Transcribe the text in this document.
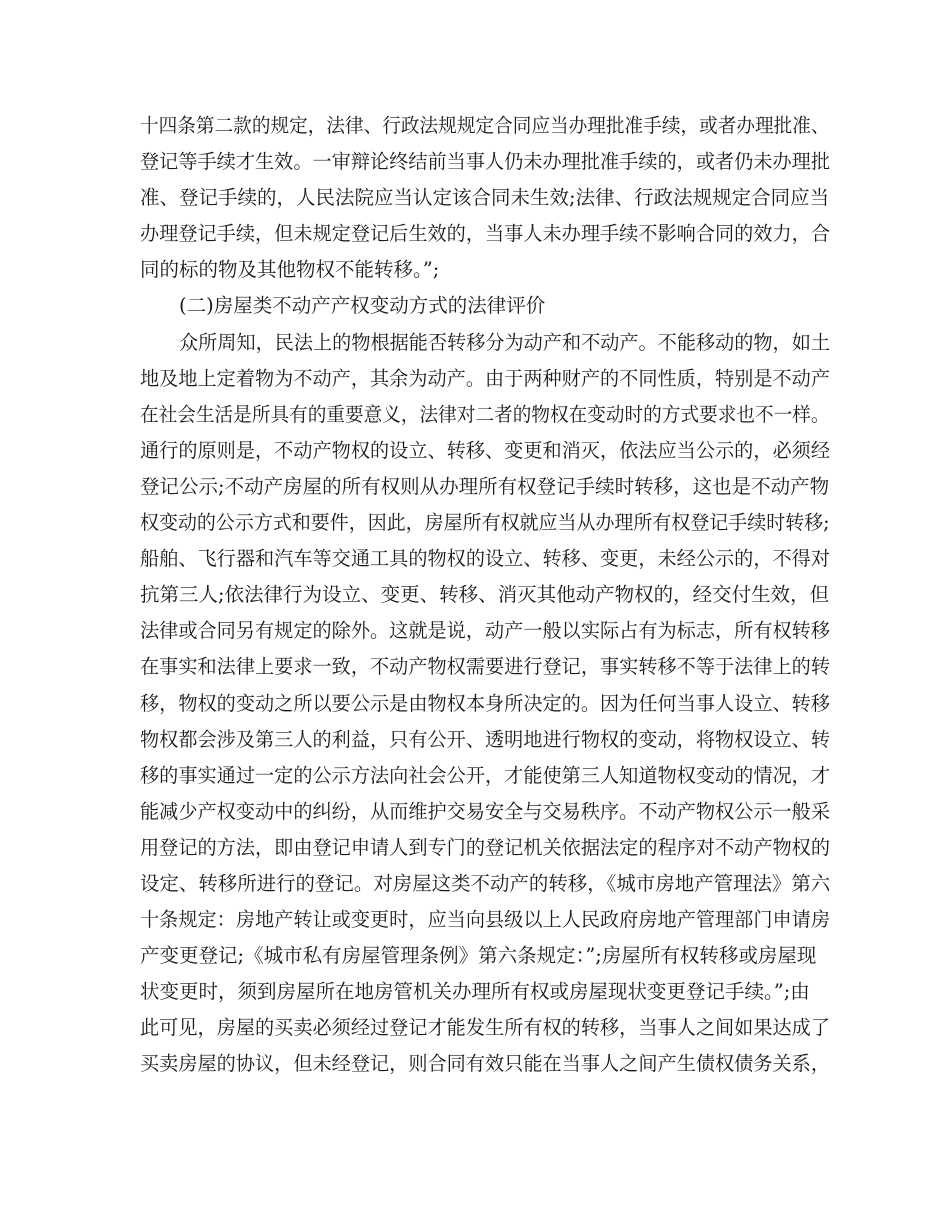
十四条第二款的规定，法律、行政法规规定合同应当办理批准手续，或者办理批准、
登记等手续才生效。一审辩论终结前当事人仍未办理批准手续的，或者仍未办理批
准、登记手续的，人民法院应当认定该合同未生效;法律、行政法规规定合同应当
办理登记手续，但未规定登记后生效的，当事人未办理手续不影响合同的效力，合
同的标的物及其他物权不能转移。”;
(二)房屋类不动产产权变动方式的法律评价
众所周知，民法上的物根据能否转移分为动产和不动产。不能移动的物，如土
地及地上定着物为不动产，其余为动产。由于两种财产的不同性质，特别是不动产
在社会生活是所具有的重要意义，法律对二者的物权在变动时的方式要求也不一样。
通行的原则是，不动产物权的设立、转移、变更和消灭，依法应当公示的，必须经
登记公示;不动产房屋的所有权则从办理所有权登记手续时转移，这也是不动产物
权变动的公示方式和要件，因此，房屋所有权就应当从办理所有权登记手续时转移;
船舶、飞行器和汽车等交通工具的物权的设立、转移、变更，未经公示的，不得对
抗第三人;依法律行为设立、变更、转移、消灭其他动产物权的，经交付生效，但
法律或合同另有规定的除外。这就是说，动产一般以实际占有为标志，所有权转移
在事实和法律上要求一致，不动产物权需要进行登记，事实转移不等于法律上的转
移，物权的变动之所以要公示是由物权本身所决定的。因为任何当事人设立、转移
物权都会涉及第三人的利益，只有公开、透明地进行物权的变动，将物权设立、转
移的事实通过一定的公示方法向社会公开，才能使第三人知道物权变动的情况，才
能减少产权变动中的纠纷，从而维护交易安全与交易秩序。不动产物权公示一般采
用登记的方法，即由登记申请人到专门的登记机关依据法定的程序对不动产物权的
设定、转移所进行的登记。对房屋这类不动产的转移，《城市房地产管理法》第六
十条规定：房地产转让或变更时，应当向县级以上人民政府房地产管理部门申请房
产变更登记;《城市私有房屋管理条例》第六条规定：”;房屋所有权转移或房屋现
状变更时，须到房屋所在地房管机关办理所有权或房屋现状变更登记手续。”;由
此可见，房屋的买卖必须经过登记才能发生所有权的转移，当事人之间如果达成了
买卖房屋的协议，但未经登记，则合同有效只能在当事人之间产生债权债务关系，
